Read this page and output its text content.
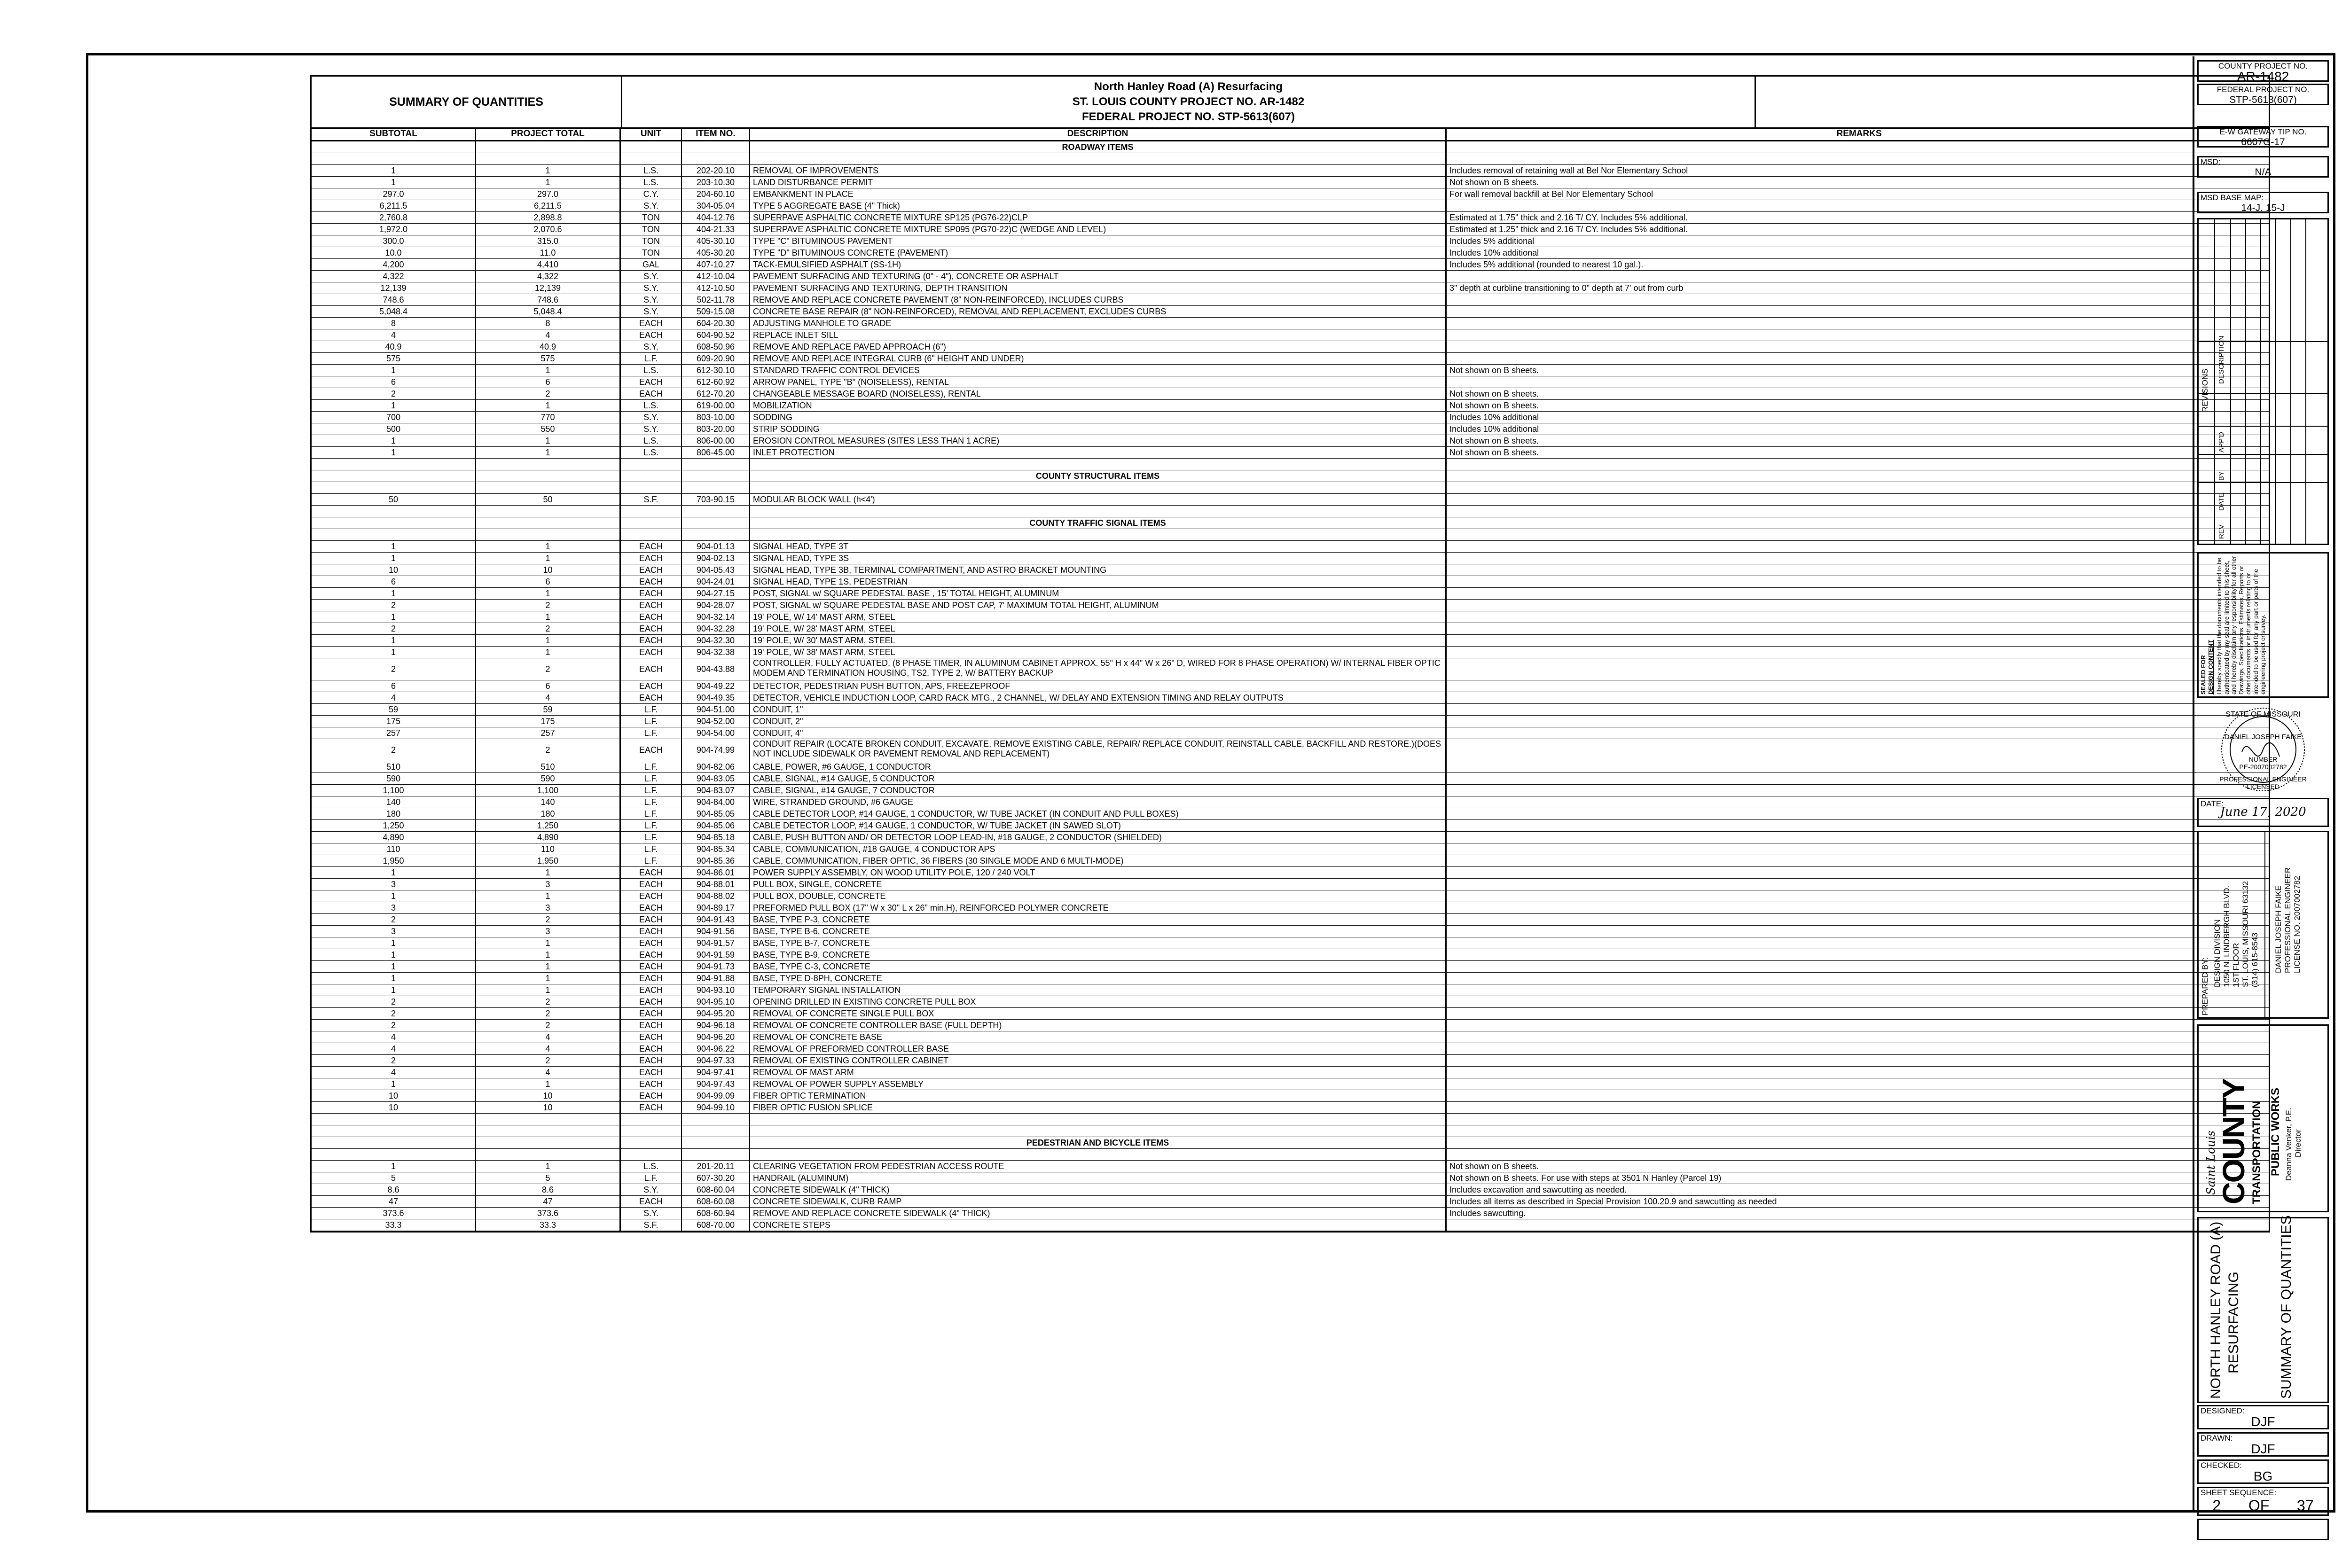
SUMMARY OF QUANTITIES
North Hanley Road (A) Resurfacing
ST. LOUIS COUNTY PROJECT NO. AR-1482
FEDERAL PROJECT NO. STP-5613(607)
SUBTOTAL	PROJECT TOTAL	UNIT	ITEM NO.	DESCRIPTION	REMARKS
ROADWAY ITEMS
1	1	L.S.	202-20.10	REMOVAL OF IMPROVEMENTS	Includes removal of retaining wall at Bel Nor Elementary School
1	1	L.S.	203-10.30	LAND DISTURBANCE PERMIT	Not shown on B sheets.
297.0	297.0	C.Y.	204-60.10	EMBANKMENT IN PLACE	For wall removal backfill at Bel Nor Elementary School
6,211.5	6,211.5	S.Y.	304-05.04	TYPE 5 AGGREGATE BASE (4" Thick)
2,760.8	2,898.8	TON	404-12.76	SUPERPAVE ASPHALTIC CONCRETE MIXTURE SP125 (PG76-22)CLP	Estimated at 1.75" thick and 2.16 T/ CY. Includes 5% additional.
1,972.0	2,070.6	TON	404-21.33	SUPERPAVE ASPHALTIC CONCRETE MIXTURE SP095 (PG70-22)C (WEDGE AND LEVEL)	Estimated at 1.25" thick and 2.16 T/ CY. Includes 5% additional.
300.0	315.0	TON	405-30.10	TYPE "C" BITUMINOUS PAVEMENT	Includes 5% additional
10.0	11.0	TON	405-30.20	TYPE "D" BITUMINOUS CONCRETE (PAVEMENT)	Includes 10% additional
4,200	4,410	GAL	407-10.27	TACK-EMULSIFIED ASPHALT (SS-1H)	Includes 5% additional (rounded to nearest 10 gal.).
4,322	4,322	S.Y.	412-10.04	PAVEMENT SURFACING AND TEXTURING (0" - 4"), CONCRETE OR ASPHALT
12,139	12,139	S.Y.	412-10.50	PAVEMENT SURFACING AND TEXTURING, DEPTH TRANSITION	3" depth at curbline transitioning to 0" depth at 7' out from curb
748.6	748.6	S.Y.	502-11.78	REMOVE AND REPLACE CONCRETE PAVEMENT (8" NON-REINFORCED), INCLUDES CURBS
5,048.4	5,048.4	S.Y.	509-15.08	CONCRETE BASE REPAIR (8" NON-REINFORCED), REMOVAL AND REPLACEMENT, EXCLUDES CURBS
8	8	EACH	604-20.30	ADJUSTING MANHOLE TO GRADE
4	4	EACH	604-90.52	REPLACE INLET SILL
40.9	40.9	S.Y.	608-50.96	REMOVE AND REPLACE PAVED APPROACH (6")
575	575	L.F.	609-20.90	REMOVE AND REPLACE INTEGRAL CURB (6" HEIGHT AND UNDER)
1	1	L.S.	612-30.10	STANDARD TRAFFIC CONTROL DEVICES	Not shown on B sheets.
6	6	EACH	612-60.92	ARROW PANEL, TYPE "B" (NOISELESS), RENTAL
2	2	EACH	612-70.20	CHANGEABLE MESSAGE BOARD (NOISELESS), RENTAL	Not shown on B sheets.
1	1	L.S.	619-00.00	MOBILIZATION	Not shown on B sheets.
700	770	S.Y.	803-10.00	SODDING	Includes 10% additional
500	550	S.Y.	803-20.00	STRIP SODDING	Includes 10% additional
1	1	L.S.	806-00.00	EROSION CONTROL MEASURES (SITES LESS THAN 1 ACRE)	Not shown on B sheets.
1	1	L.S.	806-45.00	INLET PROTECTION	Not shown on B sheets.
COUNTY STRUCTURAL ITEMS
50	50	S.F.	703-90.15	MODULAR BLOCK WALL (h<4')
COUNTY TRAFFIC SIGNAL ITEMS
1	1	EACH	904-01.13	SIGNAL HEAD, TYPE 3T
1	1	EACH	904-02.13	SIGNAL HEAD, TYPE 3S
10	10	EACH	904-05.43	SIGNAL HEAD, TYPE 3B, TERMINAL COMPARTMENT, AND ASTRO BRACKET MOUNTING
6	6	EACH	904-24.01	SIGNAL HEAD, TYPE 1S, PEDESTRIAN
1	1	EACH	904-27.15	POST, SIGNAL w/ SQUARE PEDESTAL BASE , 15' TOTAL HEIGHT, ALUMINUM
2	2	EACH	904-28.07	POST, SIGNAL w/ SQUARE PEDESTAL BASE AND POST CAP, 7' MAXIMUM TOTAL HEIGHT, ALUMINUM
1	1	EACH	904-32.14	19' POLE, W/ 14' MAST ARM, STEEL
2	2	EACH	904-32.28	19' POLE, W/ 28' MAST ARM, STEEL
1	1	EACH	904-32.30	19' POLE, W/ 30' MAST ARM, STEEL
1	1	EACH	904-32.38	19' POLE, W/ 38' MAST ARM, STEEL
2	2	EACH	904-43.88
CONTROLLER, FULLY ACTUATED, (8 PHASE TIMER, IN ALUMINUM CABINET APPROX. 55" H x 44" W x 26" D, WIRED FOR 8 PHASE OPERATION) W/ INTERNAL FIBER OPTIC MODEM AND TERMINATION HOUSING, TS2, TYPE 2, W/ BATTERY BACKUP
6	6	EACH	904-49.22	DETECTOR, PEDESTRIAN PUSH BUTTON, APS, FREEZEPROOF
4	4	EACH	904-49.35	DETECTOR, VEHICLE INDUCTION LOOP, CARD RACK MTG., 2 CHANNEL, W/ DELAY AND EXTENSION TIMING AND RELAY OUTPUTS
59	59	L.F.	904-51.00	CONDUIT, 1"
175	175	L.F.	904-52.00	CONDUIT, 2"
257	257	L.F.	904-54.00	CONDUIT, 4"
2	2	EACH	904-74.99
CONDUIT REPAIR (LOCATE BROKEN CONDUIT, EXCAVATE, REMOVE EXISTING CABLE, REPAIR/ REPLACE CONDUIT, REINSTALL CABLE, BACKFILL AND RESTORE.)(DOES NOT INCLUDE SIDEWALK OR PAVEMENT REMOVAL AND REPLACEMENT)
510	510	L.F.	904-82.06	CABLE, POWER, #6 GAUGE, 1 CONDUCTOR
590	590	L.F.	904-83.05	CABLE, SIGNAL, #14 GAUGE, 5 CONDUCTOR
1,100	1,100	L.F.	904-83.07	CABLE, SIGNAL, #14 GAUGE, 7 CONDUCTOR
140	140	L.F.	904-84.00	WIRE, STRANDED GROUND, #6 GAUGE
180	180	L.F.	904-85.05	CABLE DETECTOR LOOP, #14 GAUGE, 1 CONDUCTOR, W/ TUBE JACKET (IN CONDUIT AND PULL BOXES)
1,250	1,250	L.F.	904-85.06	CABLE DETECTOR LOOP, #14 GAUGE, 1 CONDUCTOR, W/ TUBE JACKET (IN SAWED SLOT)
4,890	4,890	L.F.	904-85.18	CABLE, PUSH BUTTON AND/ OR DETECTOR LOOP LEAD-IN, #18 GAUGE, 2 CONDUCTOR (SHIELDED)
110	110	L.F.	904-85.34	CABLE, COMMUNICATION, #18 GAUGE, 4 CONDUCTOR APS
1,950	1,950	L.F.	904-85.36	CABLE, COMMUNICATION, FIBER OPTIC, 36 FIBERS (30 SINGLE MODE AND 6 MULTI-MODE)
1	1	EACH	904-86.01	POWER SUPPLY ASSEMBLY, ON WOOD UTILITY POLE, 120 / 240 VOLT
3	3	EACH	904-88.01	PULL BOX, SINGLE, CONCRETE
1	1	EACH	904-88.02	PULL BOX, DOUBLE, CONCRETE
3	3	EACH	904-89.17	PREFORMED PULL BOX (17" W x 30" L x 26" min.H), REINFORCED POLYMER CONCRETE
2	2	EACH	904-91.43	BASE, TYPE P-3, CONCRETE
3	3	EACH	904-91.56	BASE, TYPE B-6, CONCRETE
1	1	EACH	904-91.57	BASE, TYPE B-7, CONCRETE
1	1	EACH	904-91.59	BASE, TYPE B-9, CONCRETE
1	1	EACH	904-91.73	BASE, TYPE C-3, CONCRETE
1	1	EACH	904-91.88	BASE, TYPE D-8PH, CONCRETE
1	1	EACH	904-93.10	TEMPORARY SIGNAL INSTALLATION
2	2	EACH	904-95.10	OPENING DRILLED IN EXISTING CONCRETE PULL BOX
2	2	EACH	904-95.20	REMOVAL OF CONCRETE SINGLE PULL BOX
2	2	EACH	904-96.18	REMOVAL OF CONCRETE CONTROLLER BASE (FULL DEPTH)
4	4	EACH	904-96.20	REMOVAL OF CONCRETE BASE
4	4	EACH	904-96.22	REMOVAL OF PREFORMED CONTROLLER BASE
2	2	EACH	904-97.33	REMOVAL OF EXISTING CONTROLLER CABINET
4	4	EACH	904-97.41	REMOVAL OF MAST ARM
1	1	EACH	904-97.43	REMOVAL OF POWER SUPPLY ASSEMBLY
10	10	EACH	904-99.09	FIBER OPTIC TERMINATION
10	10	EACH	904-99.10	FIBER OPTIC FUSION SPLICE
PEDESTRIAN AND BICYCLE ITEMS
1	1	L.S.	201-20.11	CLEARING VEGETATION FROM PEDESTRIAN ACCESS ROUTE	Not shown on B sheets.
5	5	L.F.	607-30.20	HANDRAIL (ALUMINUM)	Not shown on B sheets. For use with steps at 3501 N Hanley (Parcel 19)
8.6	8.6	S.Y.	608-60.04	CONCRETE SIDEWALK (4" THICK)	Includes excavation and sawcutting as needed.
47	47	EACH	608-60.08	CONCRETE SIDEWALK, CURB RAMP	Includes all items as described in Special Provision 100.20.9 and sawcutting as needed
373.6	373.6	S.Y.	608-60.94	REMOVE AND REPLACE CONCRETE SIDEWALK (4" THICK)	Includes sawcutting.
33.3	33.3	S.F.	608-70.00	CONCRETE STEPS
COUNTY PROJECT NO.
AR-1482
FEDERAL PROJECT NO.
STP-5613(607)
E-W GATEWAY TIP NO.
6607G-17
MSD:
N/A
MSD BASE MAP:
14-J, 15-J
REVISIONS
REV
DATE
BY
APP'D
DESCRIPTION
SEALED FOR DESIGN CONTENT I hereby specify that the documents intended to be authenticated by my seal are limited to this sheet, and I hereby disclaim any responsibility for all other Drawings, Specifications, Estimates, Reports or other documents or instruments relating to or intended to be used for any part or parts of the engineering project or survey.
STATE OF MISSOURI
DANIEL JOSEPH FAIKE
NUMBER
PE-2007002782
PROFESSIONAL ENGINEER
LICENSED
DATE:
June 17, 2020
PREPARED BY: DESIGN DIVISION 1050 N. LINDBERGH BLVD. 1ST FLOOR ST. LOUIS, MISSOURI 63132 (314) 615-8543 DANIEL JOSEPH FAIKE PROFESSIONAL ENGINEER LICENSE NO. 2007002782
Saint Louis
COUNTY TRANSPORTATION PUBLIC WORKS Deanna Venker, P.E. Director
NORTH HANLEY ROAD (A) RESURFACING	SUMMARY OF QUANTITIES
DESIGNED:
DJF
DRAWN:
DJF
CHECKED:
BG
SHEET SEQUENCE:
2 OF 37
